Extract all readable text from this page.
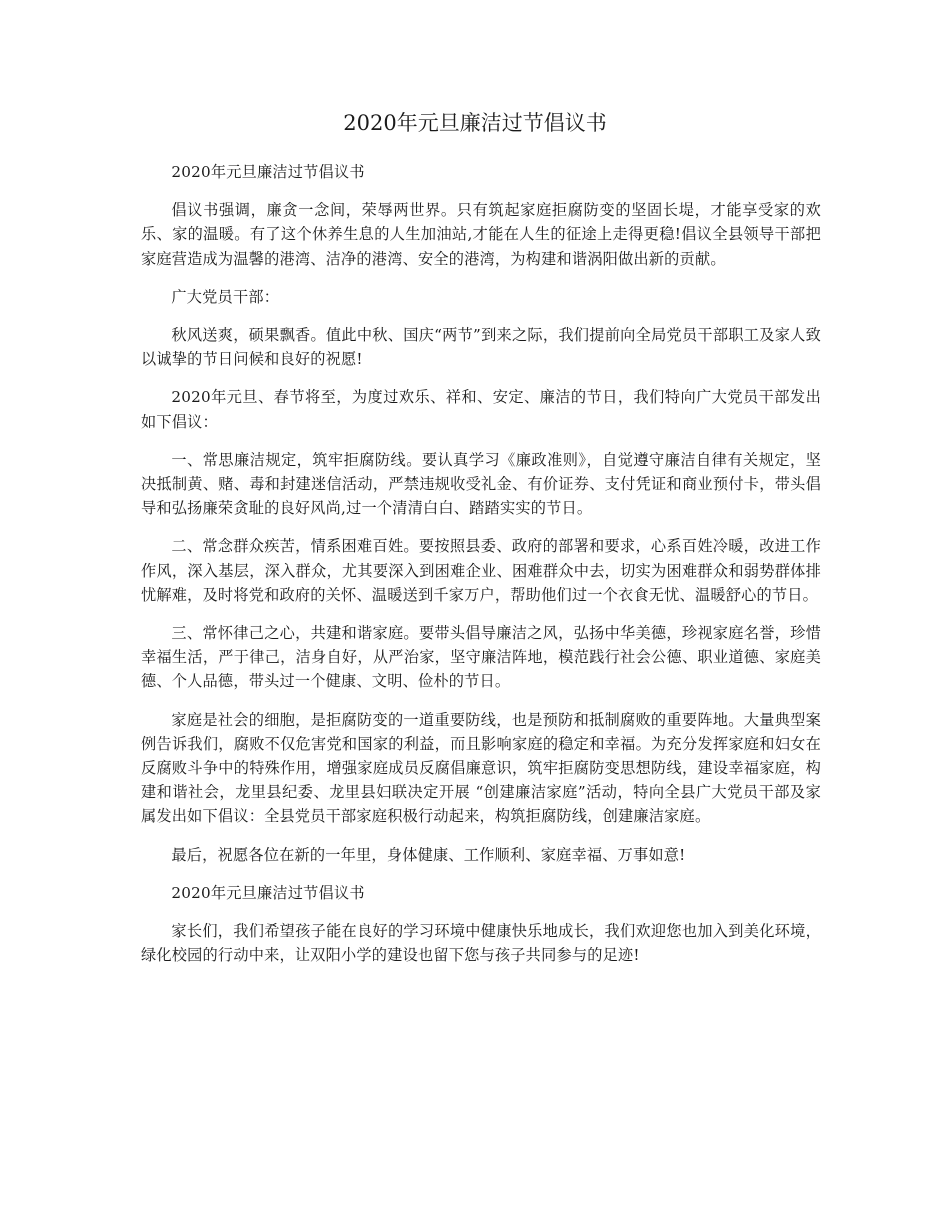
2020年元旦廉洁过节倡议书

2020年元旦廉洁过节倡议书

倡议书强调，廉贪一念间，荣辱两世界。只有筑起家庭拒腐防变的坚固长堤，才能享受家的欢乐、家的温暖。有了这个休养生息的人生加油站,才能在人生的征途上走得更稳!倡议全县领导干部把家庭营造成为温馨的港湾、洁净的港湾、安全的港湾，为构建和谐涡阳做出新的贡献。

广大党员干部：

秋风送爽，硕果飘香。值此中秋、国庆“两节”到来之际，我们提前向全局党员干部职工及家人致以诚挚的节日问候和良好的祝愿!

2020年元旦、春节将至，为度过欢乐、祥和、安定、廉洁的节日，我们特向广大党员干部发出如下倡议：

一、常思廉洁规定，筑牢拒腐防线。要认真学习《廉政准则》，自觉遵守廉洁自律有关规定，坚决抵制黄、赌、毒和封建迷信活动，严禁违规收受礼金、有价证券、支付凭证和商业预付卡，带头倡导和弘扬廉荣贪耻的良好风尚,过一个清清白白、踏踏实实的节日。

二、常念群众疾苦，情系困难百姓。要按照县委、政府的部署和要求，心系百姓冷暖，改进工作作风，深入基层，深入群众，尤其要深入到困难企业、困难群众中去，切实为困难群众和弱势群体排忧解难，及时将党和政府的关怀、温暖送到千家万户，帮助他们过一个衣食无忧、温暖舒心的节日。

三、常怀律己之心，共建和谐家庭。要带头倡导廉洁之风，弘扬中华美德，珍视家庭名誉，珍惜幸福生活，严于律己，洁身自好，从严治家，坚守廉洁阵地，模范践行社会公德、职业道德、家庭美德、个人品德，带头过一个健康、文明、俭朴的节日。

家庭是社会的细胞，是拒腐防变的一道重要防线，也是预防和抵制腐败的重要阵地。大量典型案例告诉我们，腐败不仅危害党和国家的利益，而且影响家庭的稳定和幸福。为充分发挥家庭和妇女在反腐败斗争中的特殊作用，增强家庭成员反腐倡廉意识，筑牢拒腐防变思想防线，建设幸福家庭，构建和谐社会，龙里县纪委、龙里县妇联决定开展 “创建廉洁家庭”活动，特向全县广大党员干部及家属发出如下倡议：全县党员干部家庭积极行动起来，构筑拒腐防线，创建廉洁家庭。

最后，祝愿各位在新的一年里，身体健康、工作顺利、家庭幸福、万事如意!

2020年元旦廉洁过节倡议书

家长们，我们希望孩子能在良好的学习环境中健康快乐地成长，我们欢迎您也加入到美化环境，绿化校园的行动中来，让双阳小学的建设也留下您与孩子共同参与的足迹!
